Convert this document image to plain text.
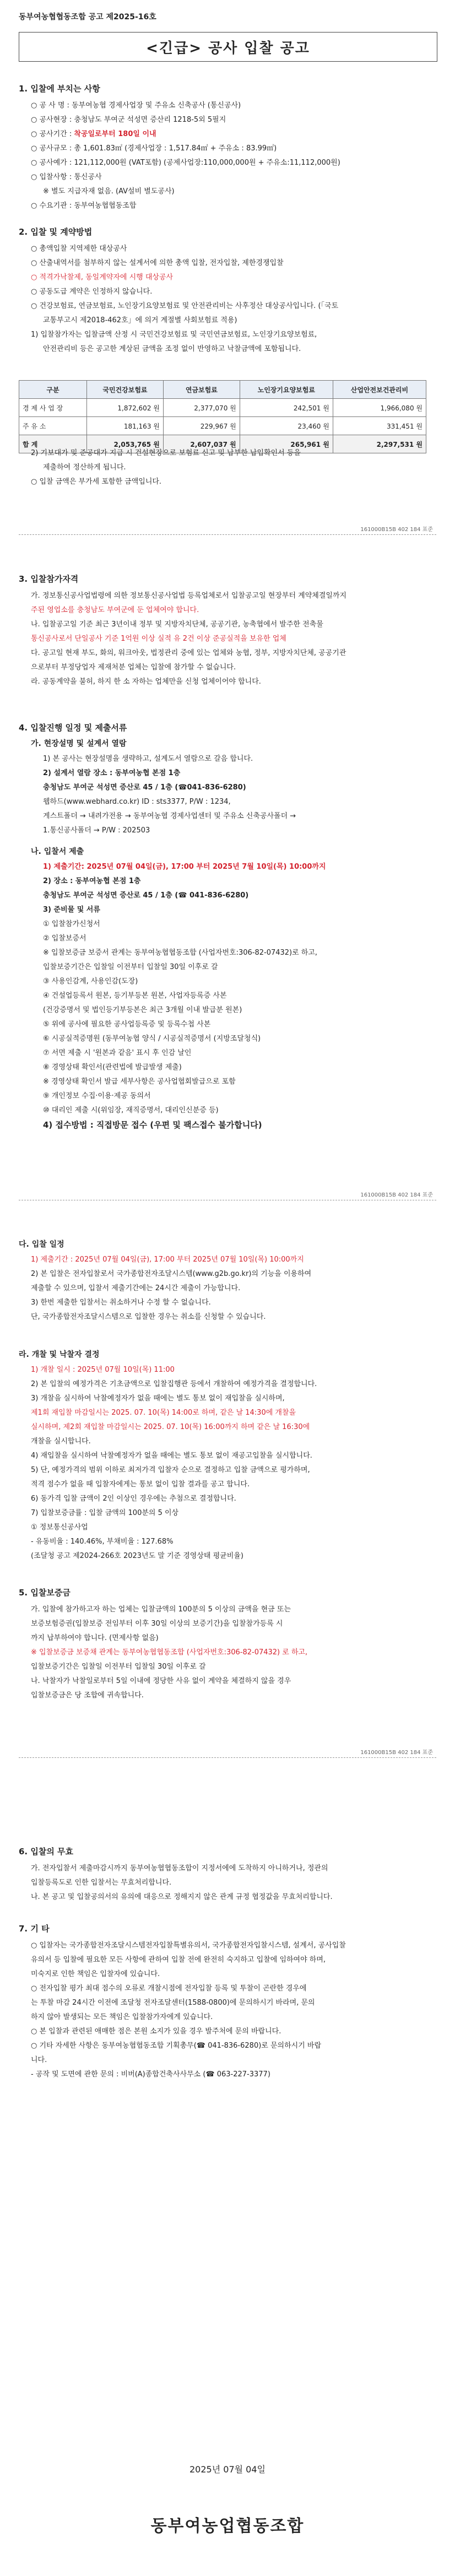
동부여농협협동조합 공고 제2025-16호
<긴급> 공사 입찰 공고
1. 입찰에 부치는 사항
○ 공 사 명 : 동부여농협 경제사업장 및 주유소 신축공사 (통신공사)
○ 공사현장 : 충청남도 부여군 석성면 증산리 1218-5외 5필지
○ 공사기간 : 착공일로부터 180일 이내
○ 공사규모 : 총 1,601.83㎡ (경제사업장 : 1,517.84㎡ + 주유소 : 83.99㎡)
○ 공사예가 : 121,112,000원 (VAT포함) (공제사업장:110,000,000원 + 주유소:11,112,000원)
○ 입찰사항 : 통신공사
※ 별도 지급자재 없음. (AV설비 별도공사)
○ 수요기관 : 동부여농협협동조합
2. 입찰 및 계약방법
○ 총액입찰 지역제한 대상공사
○ 산출내역서를 첨부하지 않는 설계서에 의한 총액 입찰, 전자입찰, 제한경쟁입찰
○ 적격가낙찰제, 동일계약자에 시행 대상공사
○ 공동도급 계약은 인정하지 않습니다.
○ 건강보험료, 연금보험료, 노인장기요양보험료 및 안전관리비는 사후정산 대상공사입니다. (「국토
교통부고시 제2018-462호」에 의거 계절별 사회보험료 적용)
1) 입찰참가자는 입찰금액 산정 시 국민건강보험료 및 국민연금보험료, 노인장기요양보험료,
안전관리비 등은 공고한 계상된 금액을 조정 없이 반영하고 낙찰금액에 포함됩니다.
구분	국민건강보험료	연금보험료	노인장기요양보험료	산업안전보건관리비
경 제 사 업 장	1,872,602 원	2,377,070 원	242,501 원	1,966,080 원
주 유 소	181,163 원	229,967 원	23,460 원	331,451 원
합 계	2,053,765 원	2,607,037 원	265,961 원	2,297,531 원
2) 기보대가 및 준공대가 지급 시 건설현장으로 보험료 신고 및 납부한 납입확인서 등을
제출하여 정산하게 됩니다.
○ 입찰 금액은 부가세 포함한 금액입니다.
161000B15B 402 184 표준
3. 입찰참가자격
가. 정보통신공사업법령에 의한 정보통신공사업법 등록업체로서 입찰공고일 현장부터 계약체결일까지
주된 영업소를 충청남도 부여군에 둔 업체여야 합니다.
나. 입찰공고일 기준 최근 3년이내 정부 및 지방자치단체, 공공기관, 농축협에서 발주한 전축물
통신공사로서 단일공사 기준 1억원 이상 실적 유 2건 이상 준공실적을 보유한 업체
다. 공고일 현재 부도, 화의, 워크아웃, 법정관리 중에 있는 업체와 농협, 정부, 지방자치단체, 공공기관
으로부터 부정당업자 제재처분 업체는 입찰에 참가할 수 없습니다.
라. 공동계약을 불허, 하지 한 소 자하는 업체만을 신청 업체이어야 합니다.
4. 입찰진행 일정 및 제출서류
가. 현장설명 및 설계서 열람
1) 본 공사는 현장설명을 생략하고, 설계도서 열람으로 갈음 합니다.
2) 설계서 열람 장소 : 동부여농협 본점 1층
충청남도 부여군 석성면 증산로 45 / 1층 (☎041-836-6280)
웹하드(www.webhard.co.kr) ID : sts3377, P/W : 1234,
게스트폴더 → 내려가전용 → 동부여농협 경제사업센터 및 주유소 신축공사폴더 →
1.통신공사폴더 → P/W : 202503
나. 입찰서 제출
1) 제출기간: 2025년 07월 04일(금), 17:00 부터 2025년 7월 10일(목) 10:00까지
2) 장소 : 동부여농협 본점 1층
충청남도 부여군 석성면 증산로 45 / 1층 (☎ 041-836-6280)
3) 준비물 및 서류
① 입찰참가신청서
② 입찰보증서
※ 입찰보증금 보증서 관계는 동부여농협협동조합 (사업자번호:306-82-07432)로 하고,
입찰보증기간은 입찰일 이전부터 입찰일 30일 이후로 갈
③ 사용인감계, 사용인감(도장)
④ 건설업등록서 원본, 등기부등본 원본, 사업자등록증 사본
(건강증명서 및 법인등기부등본은 최근 3개월 이내 발급분 원본)
⑤ 위에 공사에 필요한 공사업등록증 및 등록수첩 사본
⑥ 시공실적증명원 (동부여농협 양식 / 시공실적증명서 (지방조달청식)
⑦ 서면 제출 시 '원본과 같음' 표시 후 인감 날인
⑧ 경영상태 확인서(관련법에 발급발생 제출)
※ 경영상태 확인서 발급 세부사항은 공사업협회발급으로 포함
⑨ 개인정보 수집·이용·제공 동의서
⑩ 대리인 제출 시(위임장, 재직증명서, 대리인신분증 등)
4) 접수방법 : 직접방문 접수 (우편 및 팩스접수 불가합니다)
161000B15B 402 184 표준
다. 입찰 일정
1) 제출기간 : 2025년 07월 04일(금), 17:00 부터 2025년 07월 10일(목) 10:00까지
2) 본 입찰은 전자입찰로서 국가종합전자조달시스템(www.g2b.go.kr)의 기능을 이용하여
제출할 수 있으며, 입찰서 제출기간에는 24시간 제출이 가능합니다.
3) 한번 제출한 입찰서는 취소하거나 수정 할 수 없습니다.
단, 국가종합전자조달시스템으로 입찰한 경우는 취소를 신청할 수 있습니다.
라. 개찰 및 낙찰자 결정
1) 개찰 일시 : 2025년 07월 10일(목) 11:00
2) 본 입찰의 예정가격은 기초금액으로 입찰집행관 등에서 개찰하여 예정가격을 결정합니다.
3) 개찰을 실시하여 낙찰예정자가 없을 때에는 별도 통보 없이 재입찰을 실시하며,
제1회 재입찰 마감일시는 2025. 07. 10(목) 14:00로 하며, 같은 날 14:30에 개찰을
실시하며, 제2회 재입찰 마감일시는 2025. 07. 10(목) 16:00까지 하며 같은 날 16:30에
개찰을 실시합니다.
4) 재입찰을 실시하여 낙찰예정자가 없을 때에는 별도 통보 없이 재공고입찰을 실시합니다.
5) 단, 예정가격의 범위 이하로 최저가격 입찰자 순으로 결정하고 입찰 금액으로 평가하며,
적격 점수가 없을 때 입찰자에게는 통보 없이 입찰 결과를 공고 합니다.
6) 동가격 입찰 금액이 2인 이상인 경우에는 추첨으로 결정합니다.
7) 입찰보증금률 : 입찰 금액의 100분의 5 이상
① 정보통신공사업
- 유동비율 : 140.46%, 부채비율 : 127.68%
(조달청 공고 제2024-266호 2023년도 말 기준 경영상태 평균비율)
5. 입찰보증금
가. 입찰에 참가하고자 하는 업체는 입찰금액의 100분의 5 이상의 금액을 현금 또는
보증보험증권(입찰보증 전임부터 이후 30일 이상의 보증기간)을 입찰참가등록 시
까지 납부하여야 합니다. (면제사항 없음)
※ 입찰보증금 보증채 관계는 동부여농협협동조합 (사업자번호:306-82-07432) 로 하고,
입찰보증기간은 입찰일 이전부터 입찰일 30일 이후로 갈
나. 낙찰자가 낙찰일로부터 5일 이내에 정당한 사유 없이 계약을 체결하지 않을 경우
입찰보증금은 당 조합에 귀속합니다.
161000B15B 402 184 표준
6. 입찰의 무효
가. 전자입찰서 제출마감시까지 동부여농협협동조합이 지정서에에 도착하지 아니하거나, 정관의
입찰등록도로 인한 입찰서는 무효처리합니다.
나. 본 공고 및 입찰공의서의 유의에 대응으로 정해지지 않은 관계 규정 협정값을 무효처리합니다.
7. 기 타
○ 입찰자는 국가종합전자조달시스템전자입찰특별유의서, 국가종합전자입찰시스템, 설계서, 공사입찰
유의서 등 입찰에 필요한 모든 사항에 관하여 입찰 전에 완전히 숙지하고 입찰에 임하여야 하며,
미숙지로 인한 책임은 입찰자에 있습니다.
○ 전자입찰 평가 최대 점수의 오류로 개찰시점에 전자입찰 등록 및 투찰이 곤란한 경우에
는 투찰 마감 24시간 이전에 조달청 전자조달센터(1588-0800)에 문의하시기 바라며, 문의
하지 않아 발생되는 모든 책임은 입찰참가자에게 있습니다.
○ 본 입찰과 관련된 애매한 점은 본원 소지가 있을 경우 발주처에 문의 바랍니다.
○ 기타 자세한 사항은 동부여농협협동조합 기획총무(☎ 041-836-6280)로 문의하시기 바랍
니다.
- 공작 및 도면에 관한 문의 : 비버(A)종합건축사사무소 (☎ 063-227-3377)
2025년 07월 04일
동부여농업협동조합
